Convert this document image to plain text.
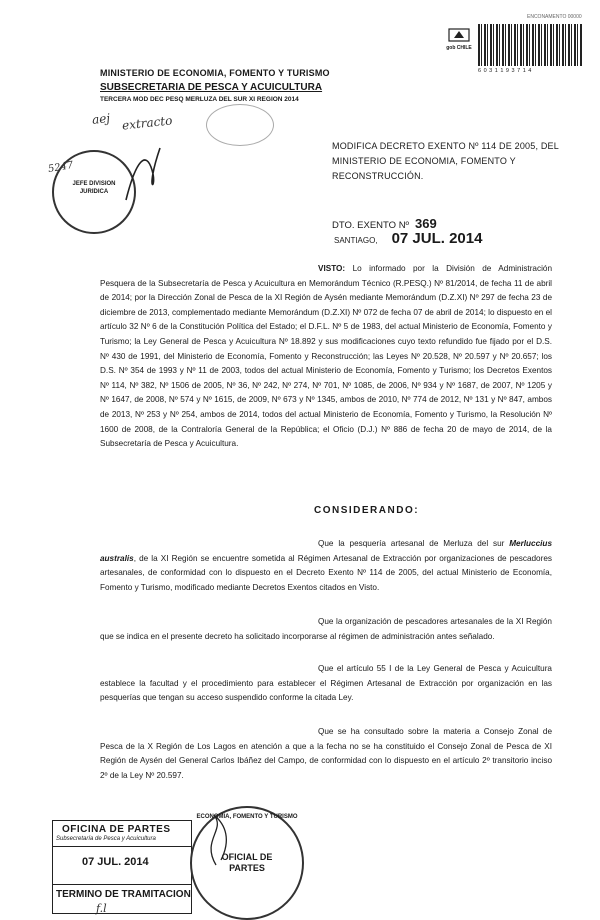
ENCONAMENTO 00000
gob CHILE
6 0 3 1 1 9 3 7 1 4
MINISTERIO DE ECONOMIA, FOMENTO Y TURISMO
SUBSECRETARIA DE PESCA Y ACUICULTURA
TERCERA MOD DEC PESQ MERLUZA DEL SUR XI REGION 2014
aej extracto
5247
f.l
JEFE DIVISION JURIDICA
MODIFICA DECRETO EXENTO Nº 114 DE 2005, DEL MINISTERIO DE ECONOMIA, FOMENTO Y RECONSTRUCCIÓN.
DTO. EXENTO Nº 369
SANTIAGO, 07 JUL. 2014

VISTO: Lo informado por la División de Administración Pesquera de la Subsecretaría de Pesca y Acuicultura en Memorándum Técnico (R.PESQ.) Nº 81/2014, de fecha 11 de abril de 2014; por la Dirección Zonal de Pesca de la XI Región de Aysén mediante Memorándum (D.Z.XI) Nº 297 de fecha 23 de diciembre de 2013, complementado mediante Memorándum (D.Z.XI) Nº 072 de fecha 07 de abril de 2014; lo dispuesto en el artículo 32 Nº 6 de la Constitución Política del Estado; el D.F.L. Nº 5 de 1983, del actual Ministerio de Economía, Fomento y Turismo; la Ley General de Pesca y Acuicultura Nº 18.892 y sus modificaciones cuyo texto refundido fue fijado por el D.S. Nº 430 de 1991, del Ministerio de Economía, Fomento y Reconstrucción; las Leyes Nº 20.528, Nº 20.597 y Nº 20.657; los D.S. Nº 354 de 1993 y Nº 11 de 2003, todos del actual Ministerio de Economía, Fomento y Turismo; los Decretos Exentos Nº 114, Nº 382, Nº 1506 de 2005, Nº 36, Nº 242, Nº 274, Nº 701, Nº 1085, de 2006, Nº 934 y Nº 1687, de 2007, Nº 1205 y Nº 1647, de 2008, Nº 574 y Nº 1615, de 2009, Nº 673 y Nº 1345, ambos de 2010, Nº 774 de 2012, Nº 131 y Nº 847, ambos de 2013, Nº 253 y Nº 254, ambos de 2014, todos del actual Ministerio de Economía, Fomento y Turismo, la Resolución Nº 1600 de 2008, de la Contraloría General de la República; el Oficio (D.J.) Nº 886 de fecha 20 de mayo de 2014, de la Subsecretaría de Pesca y Acuicultura.

CONSIDERANDO:

Que la pesquería artesanal de Merluza del sur Merluccius australis, de la XI Región se encuentre sometida al Régimen Artesanal de Extracción por organizaciones de pescadores artesanales, de conformidad con lo dispuesto en el Decreto Exento Nº 114 de 2005, del actual Ministerio de Economía, Fomento y Turismo, modificado mediante Decretos Exentos citados en Visto.

Que la organización de pescadores artesanales de la XI Región que se indica en el presente decreto ha solicitado incorporarse al régimen de administración antes señalado.

Que el artículo 55 I de la Ley General de Pesca y Acuicultura establece la facultad y el procedimiento para establecer el Régimen Artesanal de Extracción por organización en las pesquerías que tengan su acceso suspendido conforme la citada Ley.

Que se ha consultado sobre la materia a Consejo Zonal de Pesca de la X Región de Los Lagos en atención a que a la fecha no se ha constituido el Consejo Zonal de Pesca de XI Región de Aysén del General Carlos Ibáñez del Campo, de conformidad con lo dispuesto en el artículo 2º transitorio inciso 2º de la Ley Nº 20.597.

OFICINA DE PARTES
Subsecretaría de Pesca y Acuicultura
07 JUL. 2014
TERMINO DE TRAMITACION
ECONOMIA, FOMENTO Y TURISMO
OFICIAL DE PARTES
